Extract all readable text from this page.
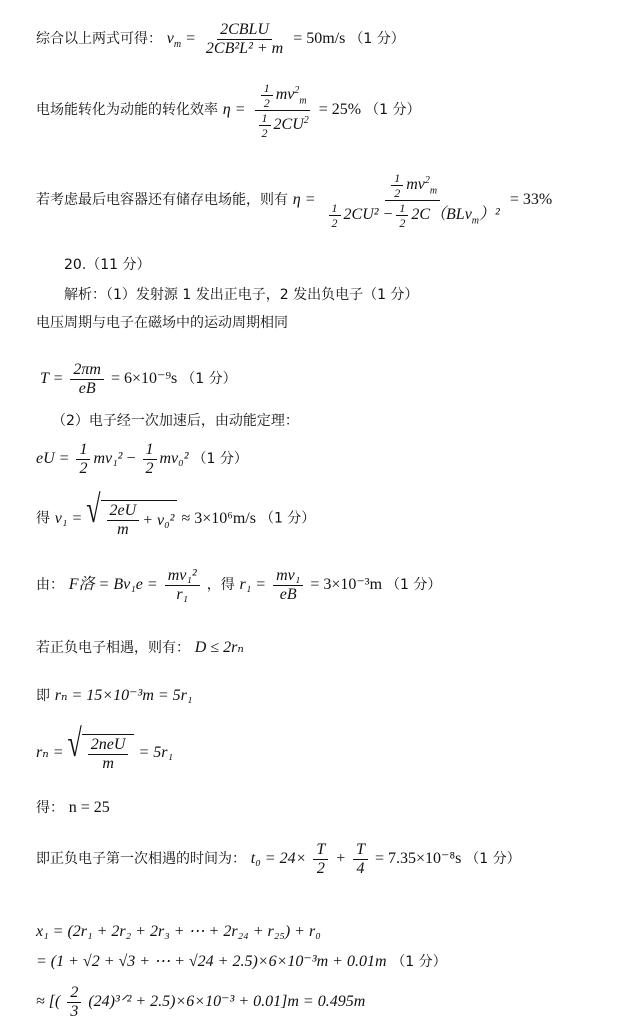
综合以上两式可得： $v_m = \frac{\text{2CBLU}}{\text{2CB²L² + m}} = 50m/s$ （1 分）
电场能转化为动能的转化效率 $\eta = \frac{\frac{1}{2} mv^2_m}{\frac{1}{2} 2CU^2} = 25\%$ （1 分）
若考虑最后电容器还有储存电场能，则有 $\eta = \frac{\frac{1}{2} mv^2_m}{\frac{1}{2} 2CU^2 - \frac{1}{2} 2C(BLv_m)^2} = 33\%$
20.（11 分）
解析：（1）发射源 1 发出正电子，2 发出负电子（1 分）
电压周期与电子在磁场中的运动周期相同
$T = \frac{2\pi m}{eB} = 6\times 10^{-9}s$ （1 分）
（2）电子经一次加速后，由动能定理：
eU = $\frac{1}{2} mv_1^2 - \frac{1}{2} mv_0^2$ （1 分）
得 v₁ = √ $\frac{2eU}{m} + v_0^2 \approx 3\times 10^6m/s$ （1 分）
由： F洛 = $Bv_1e = \frac{\text{mv₁²}}{\text{r₁}}$ ，得 $r_1 = \frac{\text{mv₁}}{eB} = 3\times 10^{-3}m$ （1 分）
若正负电子相遇，则有： D ≤ 2rₙ
即 rₙ = 15×10⁻³m = 5r₁
rₙ = √ $\frac{\text{2neU}}{m} = 5r_1$
得： n = 25
即正负电子第一次相遇的时间为： $t_0 = 24\times \frac{T}{2} + \frac{T}{4} = 7.35\times 10^{-8}s$ （1 分）
x₁ = (2r₁ + 2r₂ + 2r₃ + ⋯ + 2r₂₄ + r₂₅) + r₀
= (1 + √2 + √3 + ⋯ + √24 + 2.5)×6×10⁻³m + 0.01m （1 分）
≈ [( $\frac{2}{3}$ (24)³ᐟ² + 2.5)×6×10⁻³ + 0.01]m = 0.495m
